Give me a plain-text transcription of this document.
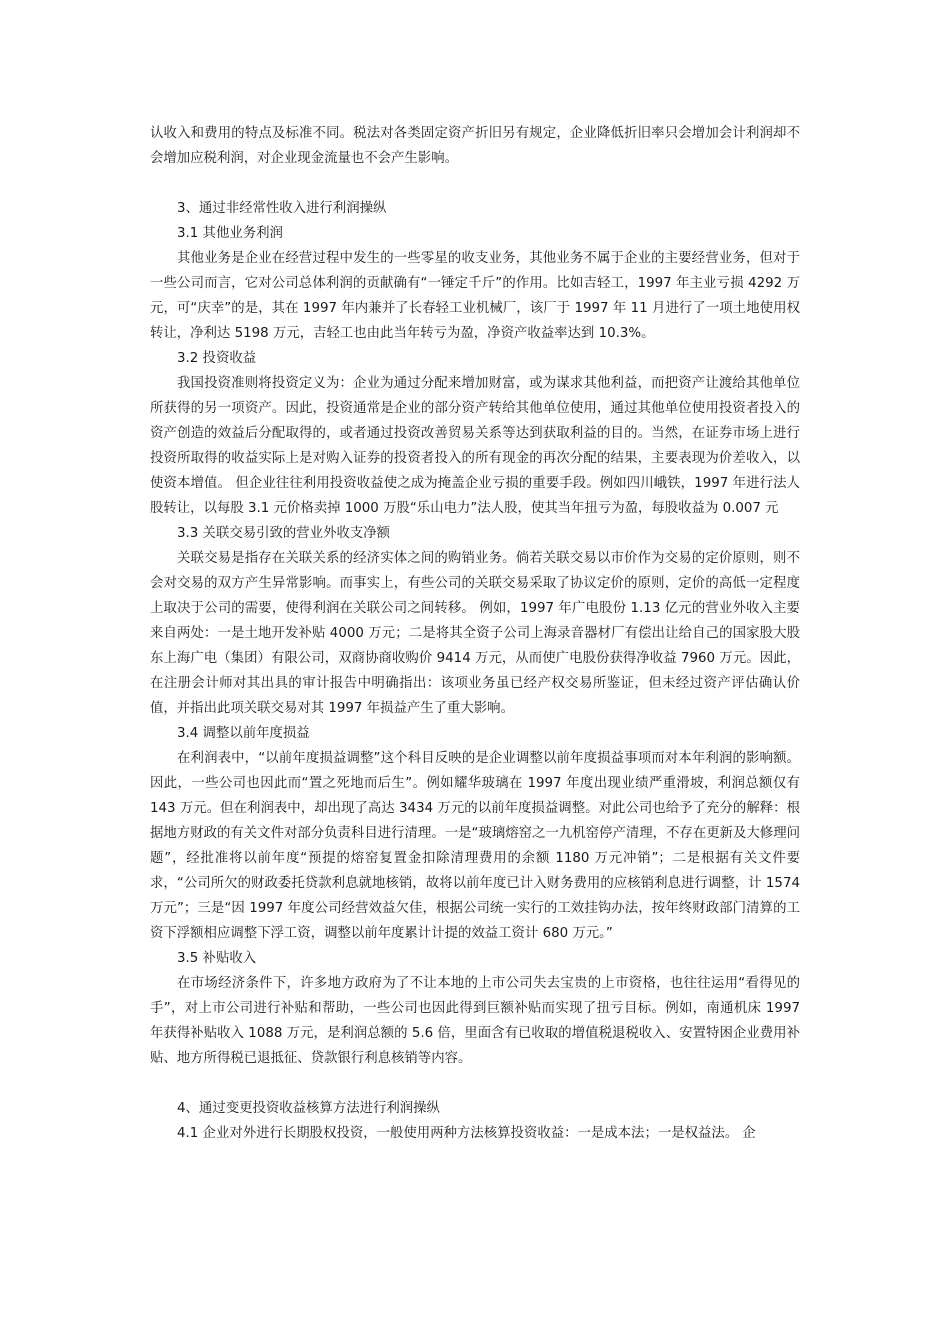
认收入和费用的特点及标准不同。税法对各类固定资产折旧另有规定，企业降低折旧率只会增加会计利润却不会增加应税利润，对企业现金流量也不会产生影响。

3、通过非经常性收入进行利润操纵

3.1 其他业务利润

其他业务是企业在经营过程中发生的一些零星的收支业务，其他业务不属于企业的主要经营业务，但对于一些公司而言，它对公司总体利润的贡献确有“一锤定千斤”的作用。比如吉轻工，1997 年主业亏损 4292 万元，可“庆幸”的是，其在 1997 年内兼并了长春轻工业机械厂，该厂于 1997 年 11 月进行了一项土地使用权转让，净利达 5198 万元，吉轻工也由此当年转亏为盈，净资产收益率达到 10.3%。

3.2 投资收益

我国投资准则将投资定义为：企业为通过分配来增加财富，或为谋求其他利益，而把资产让渡给其他单位所获得的另一项资产。因此，投资通常是企业的部分资产转给其他单位使用，通过其他单位使用投资者投入的资产创造的效益后分配取得的，或者通过投资改善贸易关系等达到获取利益的目的。当然，在证券市场上进行投资所取得的收益实际上是对购入证券的投资者投入的所有现金的再次分配的结果，主要表现为价差收入，以使资本增值。 但企业往往利用投资收益使之成为掩盖企业亏损的重要手段。例如四川峨铁，1997 年进行法人股转让，以每股 3.1 元价格卖掉 1000 万股“乐山电力”法人股，使其当年扭亏为盈，每股收益为 0.007 元

3.3 关联交易引致的营业外收支净额

关联交易是指存在关联关系的经济实体之间的购销业务。倘若关联交易以市价作为交易的定价原则，则不会对交易的双方产生异常影响。而事实上，有些公司的关联交易采取了协议定价的原则，定价的高低一定程度上取决于公司的需要，使得利润在关联公司之间转移。 例如，1997 年广电股份 1.13 亿元的营业外收入主要来自两处：一是土地开发补贴 4000 万元；二是将其全资子公司上海录音器材厂有偿出让给自己的国家股大股东上海广电（集团）有限公司，双商协商收购价 9414 万元，从而使广电股份获得净收益 7960 万元。因此，在注册会计师对其出具的审计报告中明确指出：该项业务虽已经产权交易所鉴证，但未经过资产评估确认价值，并指出此项关联交易对其 1997 年损益产生了重大影响。

3.4 调整以前年度损益

在利润表中，“以前年度损益调整”这个科目反映的是企业调整以前年度损益事项而对本年利润的影响额。因此，一些公司也因此而“置之死地而后生”。例如耀华玻璃在 1997 年度出现业绩严重滑坡，利润总额仅有 143 万元。但在利润表中，却出现了高达 3434 万元的以前年度损益调整。对此公司也给予了充分的解释：根据地方财政的有关文件对部分负责科目进行清理。一是“玻璃熔窑之一九机窑停产清理，不存在更新及大修理问题”，经批准将以前年度“预提的熔窑复置金扣除清理费用的余额 1180 万元冲销”；二是根据有关文件要求，“公司所欠的财政委托贷款利息就地核销，故将以前年度已计入财务费用的应核销利息进行调整，计 1574 万元”；三是“因 1997 年度公司经营效益欠佳，根据公司统一实行的工效挂钩办法，按年终财政部门清算的工资下浮额相应调整下浮工资，调整以前年度累计计提的效益工资计 680 万元。”

3.5 补贴收入

在市场经济条件下，许多地方政府为了不让本地的上市公司失去宝贵的上市资格，也往往运用“看得见的手”，对上市公司进行补贴和帮助，一些公司也因此得到巨额补贴而实现了扭亏目标。例如，南通机床 1997 年获得补贴收入 1088 万元，是利润总额的 5.6 倍，里面含有已收取的增值税退税收入、安置特困企业费用补贴、地方所得税已退抵征、贷款银行利息核销等内容。

4、通过变更投资收益核算方法进行利润操纵

4.1 企业对外进行长期股权投资，一般使用两种方法核算投资收益：一是成本法；一是权益法。 企
